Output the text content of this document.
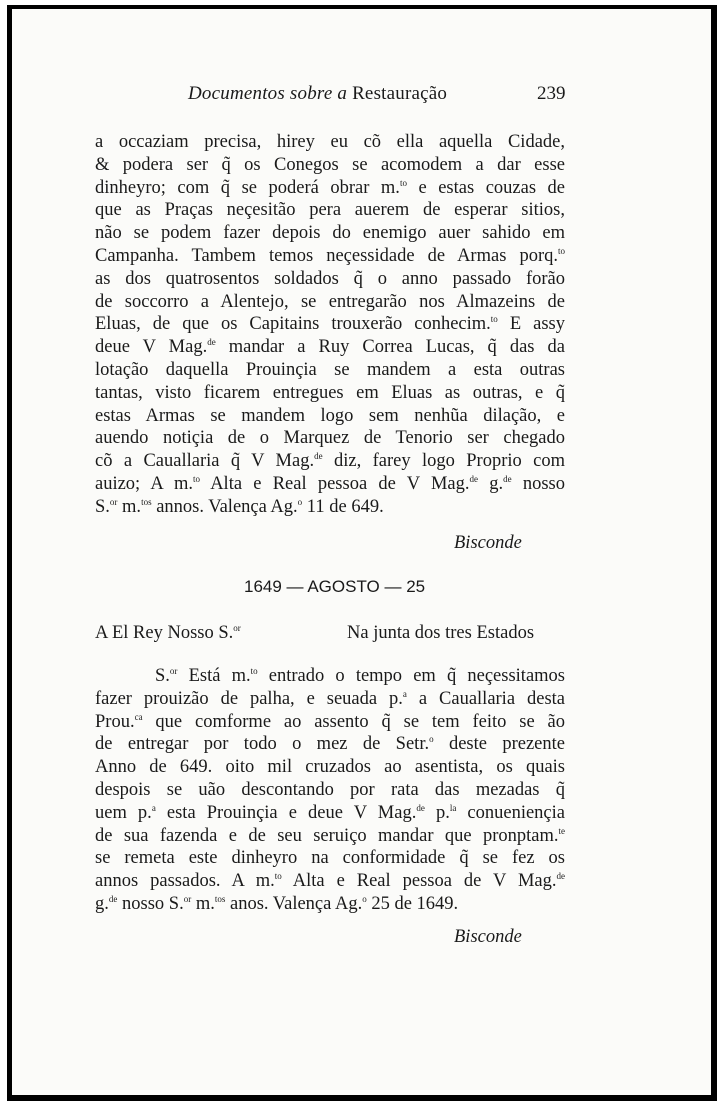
Documentos sobre a Restauração	239
a occaziam precisa, hirey eu cõ ella aquella Cidade,
& podera ser q̃ os Conegos se acomodem a dar esse
dinheyro; com q̃ se poderá obrar m.$^{to}$ e estas couzas de
que as Praças neçesitão pera auerem de esperar sitios,
não se podem fazer depois do enemigo auer sahido em
Campanha. Tambem temos neçessidade de Armas porq.$^{to}$
as dos quatrosentos soldados q̃ o anno passado forão
de soccorro a Alentejo, se entregarão nos Almazeins de
Eluas, de que os Capitains trouxerão conhecim.$^{to}$ E assy
deue V Mag.$^{de}$ mandar a Ruy Correa Lucas, q̃ das da
lotação daquella Prouinçia se mandem a esta outras
tantas, visto ficarem entregues em Eluas as outras, e q̃
estas Armas se mandem logo sem nenhũa dilação, e
auendo notiçia de o Marquez de Tenorio ser chegado
cõ a Cauallaria q̃ V Mag.$^{de}$ diz, farey logo Proprio com
auizo; A m.$^{to}$ Alta e Real pessoa de V Mag.$^{de}$ g.$^{de}$ nosso
S.$^{or}$ m.$^{tos}$ annos. Valença Ag.$^o$ 11 de 649.
Bisconde
1649 — AGOSTO — 25
A El Rey Nosso S.$^{or}$	Na junta dos tres Estados
S.$^{or}$ Está m.$^{to}$ entrado o tempo em q̃ neçessitamos
fazer prouizão de palha, e seuada p.$^a$ a Cauallaria desta
Prou.$^{ca}$ que comforme ao assento q̃ se tem feito se ão
de entregar por todo o mez de Setr.$^o$ deste prezente
Anno de 649. oito mil cruzados ao asentista, os quais
despois se uão descontando por rata das mezadas q̃
uem p.$^a$ esta Prouinçia e deue V Mag.$^{de}$ p.$^{la}$ conueniençia
de sua fazenda e de seu seruiço mandar que pronptam.$^{te}$
se remeta este dinheyro na conformidade q̃ se fez os
annos passados. A m.$^{to}$ Alta e Real pessoa de V Mag.$^{de}$
g.$^{de}$ nosso S.$^{or}$ m.$^{tos}$ anos. Valença Ag.$^o$ 25 de 1649.
Bisconde
